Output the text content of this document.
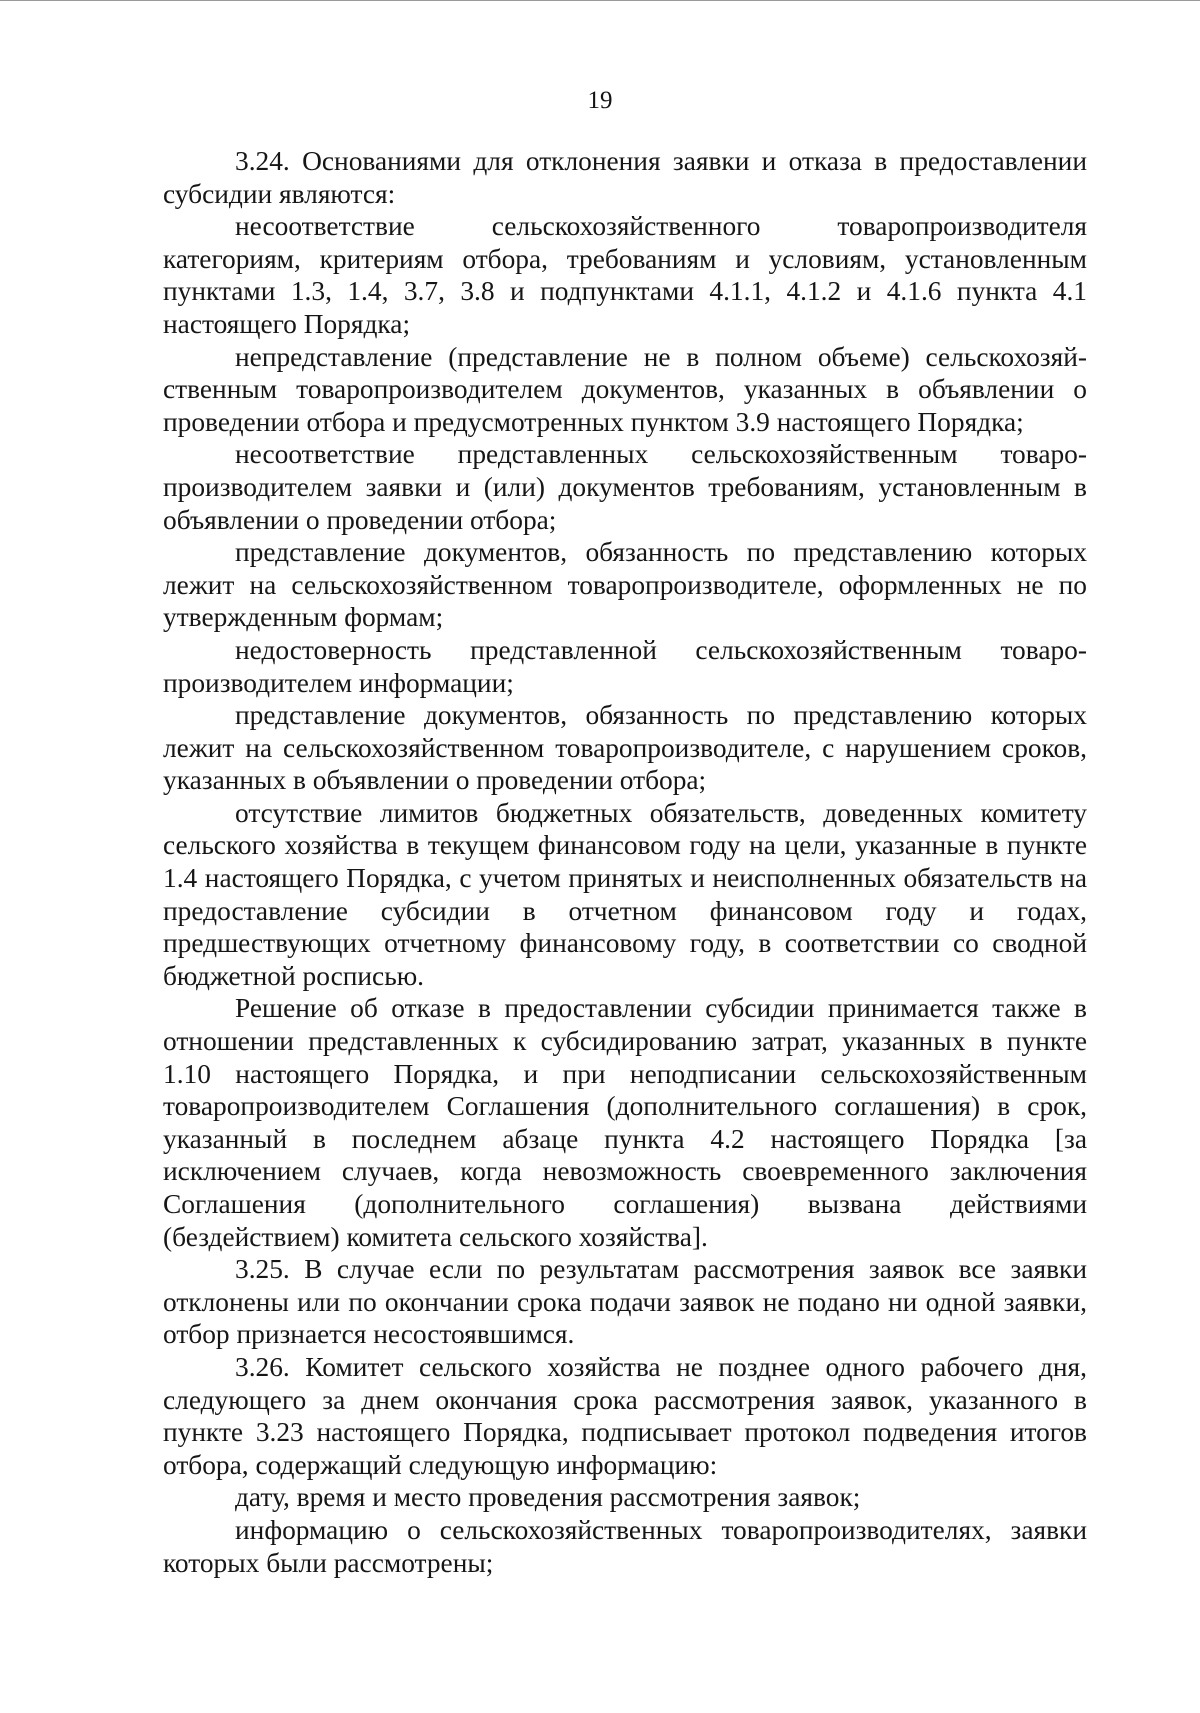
19

3.24. Основаниями для отклонения заявки и отказа в предоставлении субсидии являются:

несоответствие сельскохозяйственного товаропроизводителя категориям, критериям отбора, требованиям и условиям, установленным пунктами 1.3, 1.4, 3.7, 3.8 и подпунктами 4.1.1, 4.1.2 и 4.1.6 пункта 4.1 настоящего Порядка;

непредставление (представление не в полном объеме) сельскохозяйственным товаропроизводителем документов, указанных в объявлении о проведении отбора и предусмотренных пунктом 3.9 настоящего Порядка;

несоответствие представленных сельскохозяйственным товаропроизводителем заявки и (или) документов требованиям, установленным в объявлении о проведении отбора;

представление документов, обязанность по представлению которых лежит на сельскохозяйственном товаропроизводителе, оформленных не по утвержденным формам;

недостоверность представленной сельскохозяйственным товаропроизводителем информации;

представление документов, обязанность по представлению которых лежит на сельскохозяйственном товаропроизводителе, с нарушением сроков, указанных в объявлении о проведении отбора;

отсутствие лимитов бюджетных обязательств, доведенных комитету сельского хозяйства в текущем финансовом году на цели, указанные в пункте 1.4 настоящего Порядка, с учетом принятых и неисполненных обязательств на предоставление субсидии в отчетном финансовом году и годах, предшествующих отчетному финансовому году, в соответствии со сводной бюджетной росписью.

Решение об отказе в предоставлении субсидии принимается также в отношении представленных к субсидированию затрат, указанных в пункте 1.10 настоящего Порядка, и при неподписании сельскохозяйственным товаропроизводителем Соглашения (дополнительного соглашения) в срок, указанный в последнем абзаце пункта 4.2 настоящего Порядка [за исключением случаев, когда невозможность своевременного заключения Соглашения (дополнительного соглашения) вызвана действиями (бездействием) комитета сельского хозяйства].

3.25. В случае если по результатам рассмотрения заявок все заявки отклонены или по окончании срока подачи заявок не подано ни одной заявки, отбор признается несостоявшимся.

3.26. Комитет сельского хозяйства не позднее одного рабочего дня, следующего за днем окончания срока рассмотрения заявок, указанного в пункте 3.23 настоящего Порядка, подписывает протокол подведения итогов отбора, содержащий следующую информацию:

дату, время и место проведения рассмотрения заявок;

информацию о сельскохозяйственных товаропроизводителях, заявки которых были рассмотрены;
